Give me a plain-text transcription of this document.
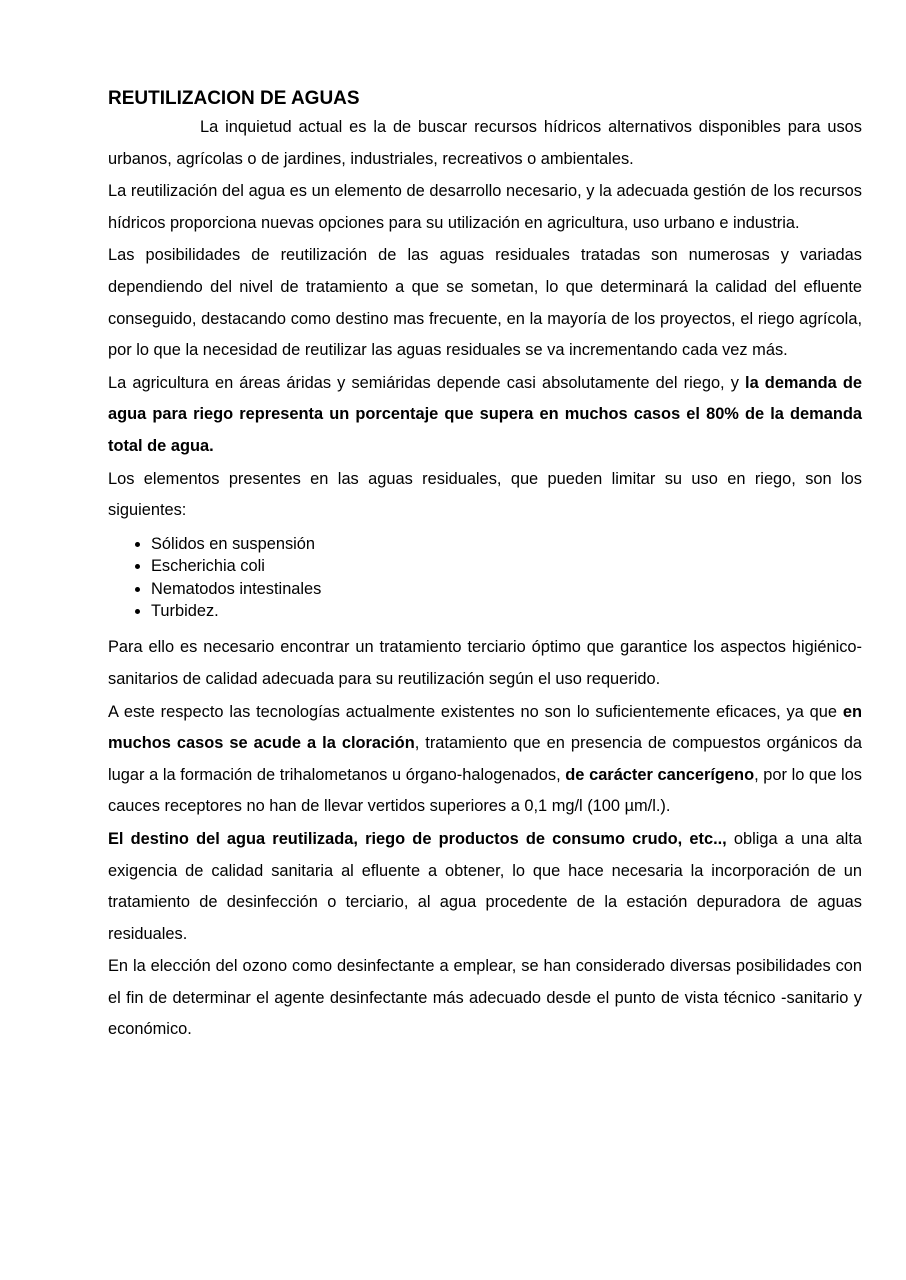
REUTILIZACION DE AGUAS

La inquietud actual es la de buscar recursos hídricos alternativos disponibles para usos urbanos, agrícolas o de jardines, industriales, recreativos o ambientales.

La reutilización del agua es un elemento de desarrollo necesario, y la adecuada gestión de los recursos hídricos proporciona nuevas opciones para su utilización en agricultura, uso urbano e industria.

Las posibilidades de reutilización de las aguas residuales tratadas son numerosas y variadas dependiendo del nivel de tratamiento a que se sometan, lo que determinará la calidad del efluente conseguido, destacando como destino mas frecuente, en la mayoría de los proyectos, el riego agrícola, por lo que la necesidad de reutilizar las aguas residuales se va incrementando cada vez más.

La agricultura en áreas áridas y semiáridas depende casi absolutamente del riego, y la demanda de agua para riego representa un porcentaje que supera en muchos casos el 80% de la demanda total de agua.

Los elementos presentes en las aguas residuales, que pueden limitar su uso en riego, son los siguientes:

• Sólidos en suspensión
• Escherichia coli
• Nematodos intestinales
• Turbidez.

Para ello es necesario encontrar un tratamiento terciario óptimo que garantice los aspectos higiénico-sanitarios de calidad adecuada para su reutilización según el uso requerido.

A este respecto las tecnologías actualmente existentes no son lo suficientemente eficaces, ya que en muchos casos se acude a la cloración, tratamiento que en presencia de compuestos orgánicos da lugar a la formación de trihalometanos u órgano-halogenados, de carácter cancerígeno, por lo que los cauces receptores no han de llevar vertidos superiores a 0,1 mg/l (100 µm/l.).

El destino del agua reutilizada, riego de productos de consumo crudo, etc.., obliga a una alta exigencia de calidad sanitaria al efluente a obtener, lo que hace necesaria la incorporación de un tratamiento de desinfección o terciario, al agua procedente de la estación depuradora de aguas residuales.

En la elección del ozono como desinfectante a emplear, se han considerado diversas posibilidades con el fin de determinar el agente desinfectante más adecuado desde el punto de vista técnico -sanitario y económico.
